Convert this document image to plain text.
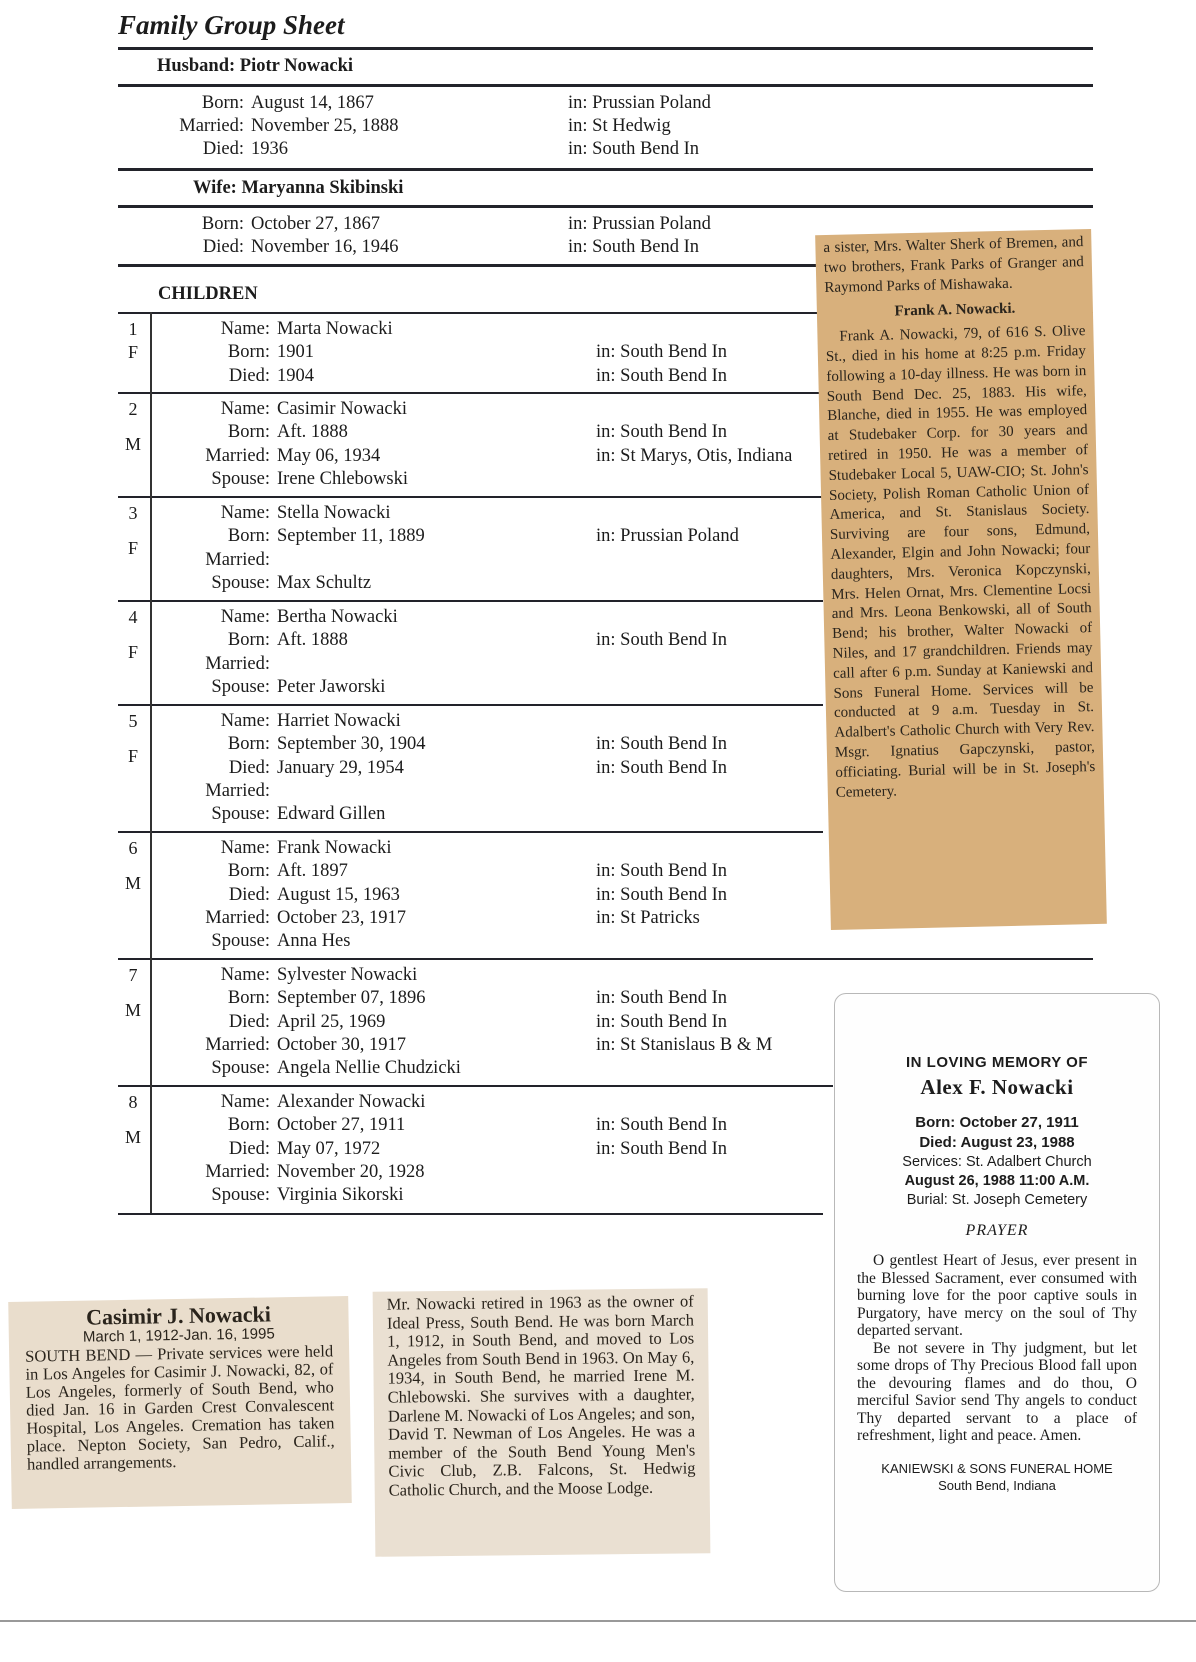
Family Group Sheet
Husband: Piotr Nowacki
Born: August 14, 1867	in: Prussian Poland
Married: November 25, 1888	in: St Hedwig
Died: 1936	in: South Bend In
Wife: Maryanna Skibinski
Born: October 27, 1867	in: Prussian Poland
Died: November 16, 1946	in: South Bend In
CHILDREN
1
F
Name: Marta Nowacki
Born: 1901	in: South Bend In
Died: 1904	in: South Bend In
2
M
Name: Casimir Nowacki
Born: Aft. 1888	in: South Bend In
Married: May 06, 1934	in: St Marys, Otis, Indiana
Spouse: Irene Chlebowski
3
F
Name: Stella Nowacki
Born: September 11, 1889	in: Prussian Poland
Married:
Spouse: Max Schultz
4
F
Name: Bertha Nowacki
Born: Aft. 1888	in: South Bend In
Married:
Spouse: Peter Jaworski
5
F
Name: Harriet Nowacki
Born: September 30, 1904	in: South Bend In
Died: January 29, 1954	in: South Bend In
Married:
Spouse: Edward Gillen
6
M
Name: Frank Nowacki
Born: Aft. 1897	in: South Bend In
Died: August 15, 1963	in: South Bend In
Married: October 23, 1917	in: St Patricks
Spouse: Anna Hes
7
M
Name: Sylvester Nowacki
Born: September 07, 1896	in: South Bend In
Died: April 25, 1969	in: South Bend In
Married: October 30, 1917	in: St Stanislaus B & M
Spouse: Angela Nellie Chudzicki
8
M
Name: Alexander Nowacki
Born: October 27, 1911	in: South Bend In
Died: May 07, 1972	in: South Bend In
Married: November 20, 1928
Spouse: Virginia Sikorski

a sister, Mrs. Walter Sherk of Bremen, and two brothers, Frank Parks of Granger and Raymond Parks of Mishawaka.

Frank A. Nowacki.

Frank A. Nowacki, 79, of 616 S. Olive St., died in his home at 8:25 p.m. Friday following a 10-day illness. He was born in South Bend Dec. 25, 1883. His wife, Blanche, died in 1955. He was employed at Studebaker Corp. for 30 years and retired in 1950. He was a member of Studebaker Local 5, UAW-CIO; St. John's Society, Polish Roman Catholic Union of America, and St. Stanislaus Society. Surviving are four sons, Edmund, Alexander, Elgin and John Nowacki; four daughters, Mrs. Veronica Kopczynski, Mrs. Helen Ornat, Mrs. Clementine Locsi and Mrs. Leona Benkowski, all of South Bend; his brother, Walter Nowacki of Niles, and 17 grandchildren. Friends may call after 6 p.m. Sunday at Kaniewski and Sons Funeral Home. Services will be conducted at 9 a.m. Tuesday in St. Adalbert's Catholic Church with Very Rev. Msgr. Ignatius Gapczynski, pastor, officiating. Burial will be in St. Joseph's Cemetery.

Casimir J. Nowacki
March 1, 1912-Jan. 16, 1995

SOUTH BEND — Private services were held in Los Angeles for Casimir J. Nowacki, 82, of Los Angeles, formerly of South Bend, who died Jan. 16 in Garden Crest Convalescent Hospital, Los Angeles. Cremation has taken place. Nepton Society, San Pedro, Calif., handled arrangements.

Mr. Nowacki retired in 1963 as the owner of Ideal Press, South Bend. He was born March 1, 1912, in South Bend, and moved to Los Angeles from South Bend in 1963. On May 6, 1934, in South Bend, he married Irene M. Chlebowski. She survives with a daughter, Darlene M. Nowacki of Los Angeles; and son, David T. Newman of Los Angeles. He was a member of the South Bend Young Men's Civic Club, Z.B. Falcons, St. Hedwig Catholic Church, and the Moose Lodge.

IN LOVING MEMORY OF
Alex F. Nowacki
Born: October 27, 1911
Died: August 23, 1988
Services: St. Adalbert Church
August 26, 1988 11:00 A.M.
Burial: St. Joseph Cemetery
PRAYER
O gentlest Heart of Jesus, ever present in the Blessed Sacrament, ever consumed with burning love for the poor captive souls in Purgatory, have mercy on the soul of Thy departed servant.
Be not severe in Thy judgment, but let some drops of Thy Precious Blood fall upon the devouring flames and do thou, O merciful Savior send Thy angels to conduct Thy departed servant to a place of refreshment, light and peace. Amen.
KANIEWSKI & SONS FUNERAL HOME
South Bend, Indiana
